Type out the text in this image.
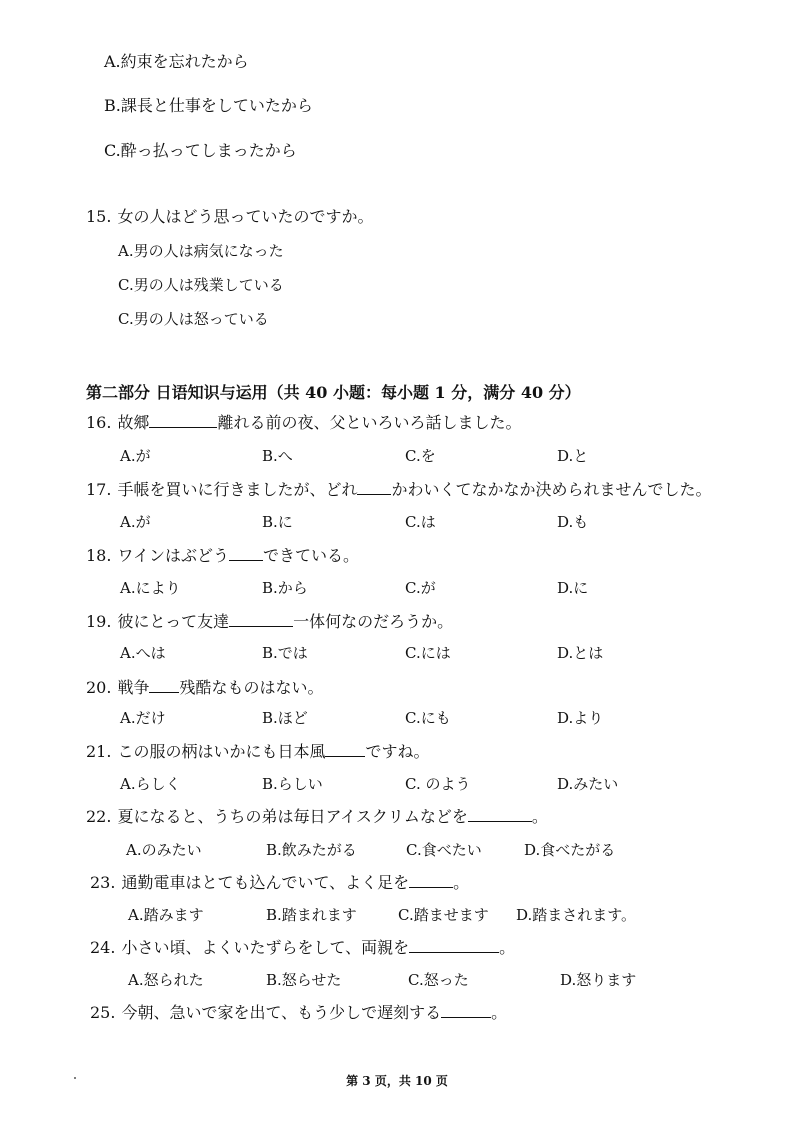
A.約束を忘れたから
B.課長と仕事をしていたから
C.酔っ払ってしまったから
15. 女の人はどう思っていたのですか。
A.男の人は病気になった
C.男の人は残業している
C.男の人は怒っている
第二部分 日语知识与运用（共 40 小题：每小题 1 分，满分 40 分）
16. 故郷	離れる前の夜、父といろいろ話しました。
A.が	B.へ	C.を	D.と
17. 手帳を買いに行きましたが、どれ かわいくてなかなか決められませんでした。
A.が	B.に	C.は	D.も
18. ワインはぶどう できている。
A.により	B.から	C.が	D.に
19. 彼にとって友達	一体何なのだろうか。
A.へは	B.では	C.には	D.とは
20. 戦争 残酷なものはない。
A.だけ	B.ほど	C.にも	D.より
21. この服の柄はいかにも日本風	ですね。
A.らしく	B.らしい	C. のよう	D.みたい
22. 夏になると、うちの弟は毎日アイスクリムなどを	。
A.のみたい	B.飲みたがる	C.食べたい	D.食べたがる
23. 通勤電車はとても込んでいて、よく足を	。
A.踏みます	B.踏まれます	C.踏ませます D.踏まされます。
24. 小さい頃、よくいたずらをして、両親を	。
A.怒られた	B.怒らせた	C.怒った	D.怒ります
25. 今朝、急いで家を出て、もう少しで遅刻する	。
第 3 页，共 10 页
